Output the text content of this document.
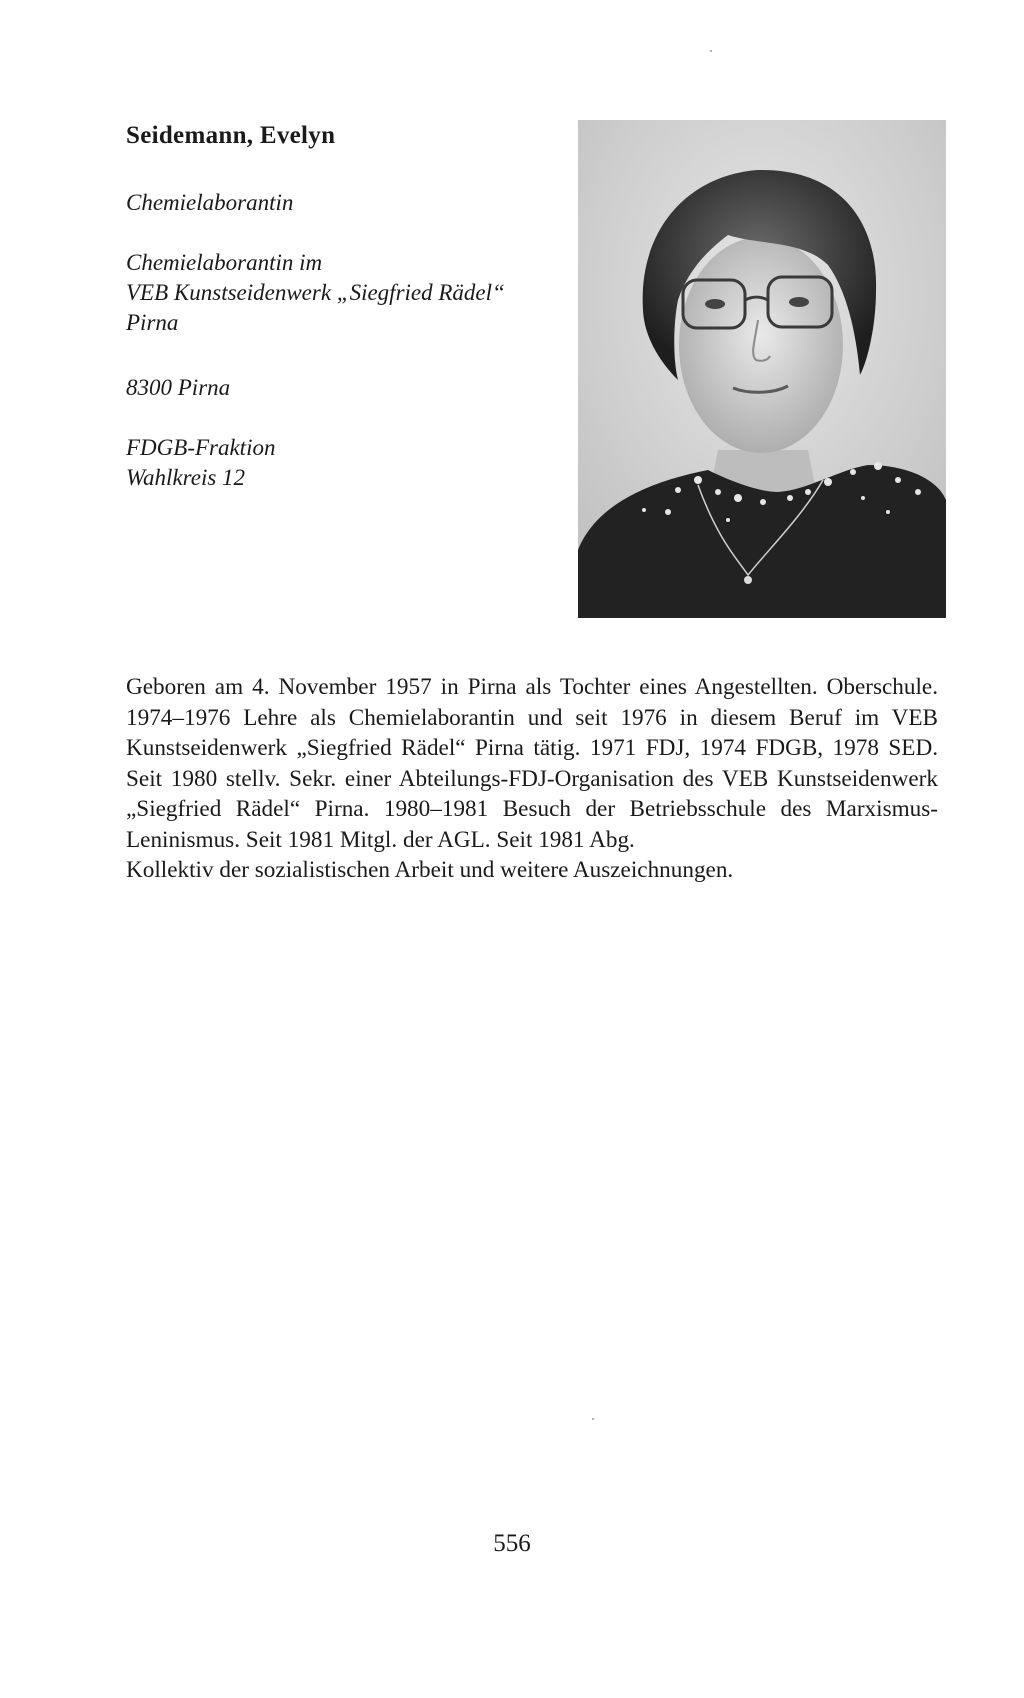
Seidemann, Evelyn
Chemielaborantin
Chemielaborantin im
VEB Kunstseidenwerk „Siegfried Rädel“
Pirna
8300 Pirna
FDGB-Fraktion
Wahlkreis 12

Geboren am 4. November 1957 in Pirna als Tochter eines Angestellten. Oberschule. 1974–1976 Lehre als Chemielaborantin und seit 1976 in diesem Beruf im VEB Kunstseidenwerk „Siegfried Rädel“ Pirna tätig. 1971 FDJ, 1974 FDGB, 1978 SED. Seit 1980 stellv. Sekr. einer Abteilungs-FDJ-Organisation des VEB Kunstseidenwerk „Siegfried Rädel“ Pirna. 1980–1981 Besuch der Betriebsschule des Marxismus-Leninismus. Seit 1981 Mitgl. der AGL. Seit 1981 Abg.

Kollektiv der sozialistischen Arbeit und weitere Auszeichnungen.

556
